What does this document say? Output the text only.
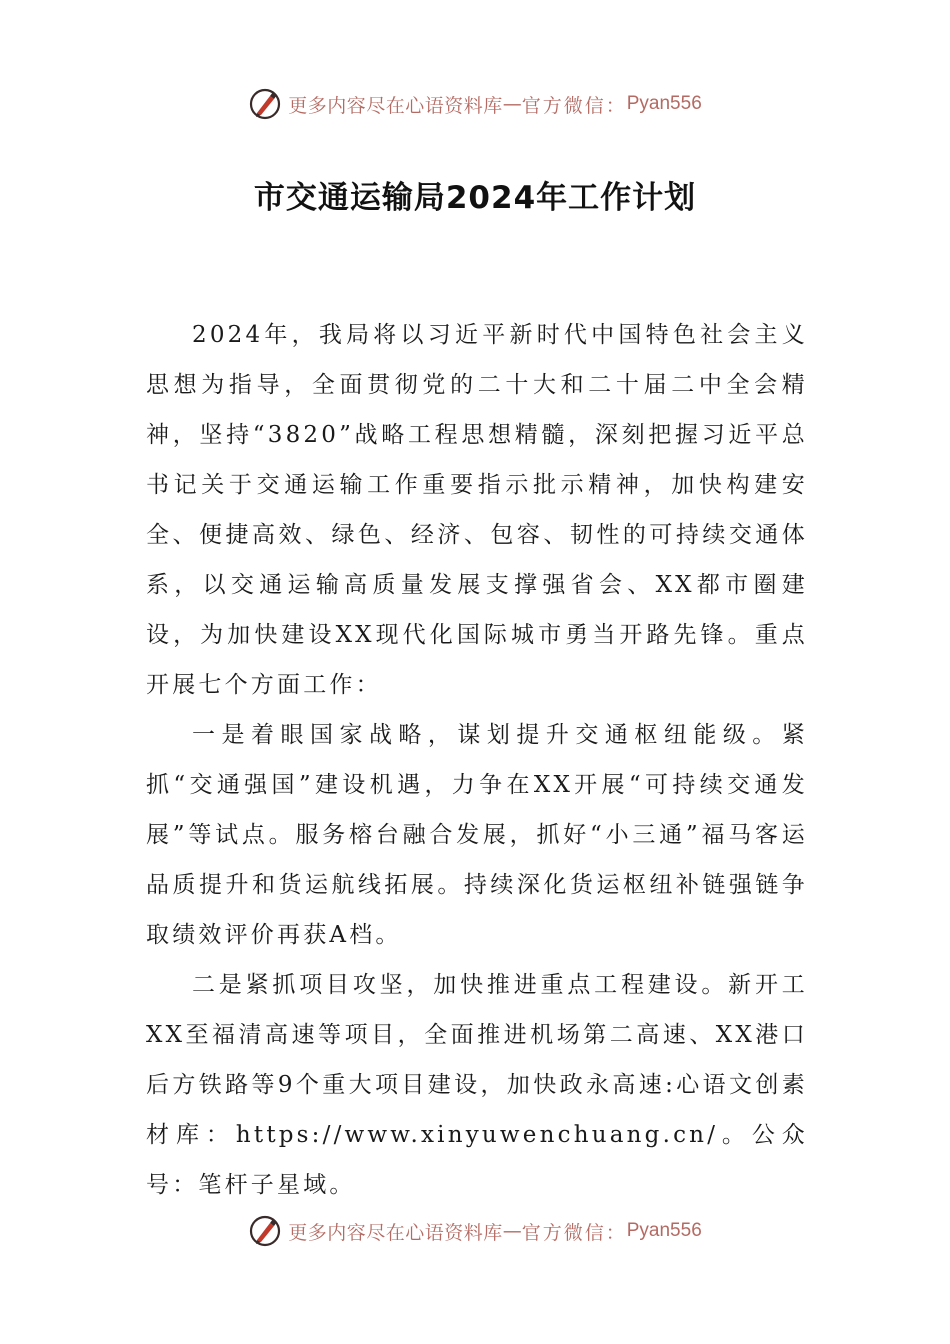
更多内容尽在心语资料库 — 官方微信： Pyan556
市交通运输局2024年工作计划

2024年，我局将以习近平新时代中国特色社会主义思想为指导，全面贯彻党的二十大和二十届二中全会精神，坚持“3820”战略工程思想精髓，深刻把握习近平总书记关于交通运输工作重要指示批示精神，加快构建安全、便捷高效、绿色、经济、包容、韧性的可持续交通体系，以交通运输高质量发展支撑强省会、XX都市圈建设，为加快建设XX现代化国际城市勇当开路先锋。重点开展七个方面工作：

一是着眼国家战略，谋划提升交通枢纽能级。紧抓“交通强国”建设机遇，力争在XX开展“可持续交通发展”等试点。服务榕台融合发展，抓好“小三通”福马客运品质提升和货运航线拓展。持续深化货运枢纽补链强链争取绩效评价再获A档。

二是紧抓项目攻坚，加快推进重点工程建设。新开工XX至福清高速等项目，全面推进机场第二高速、XX港口后方铁路等9个重大项目建设，加快政永高速:心语文创素材库：https://www.xinyuwenchuang.cn/。公众号：笔杆子星域。

更多内容尽在心语资料库 — 官方微信： Pyan556
